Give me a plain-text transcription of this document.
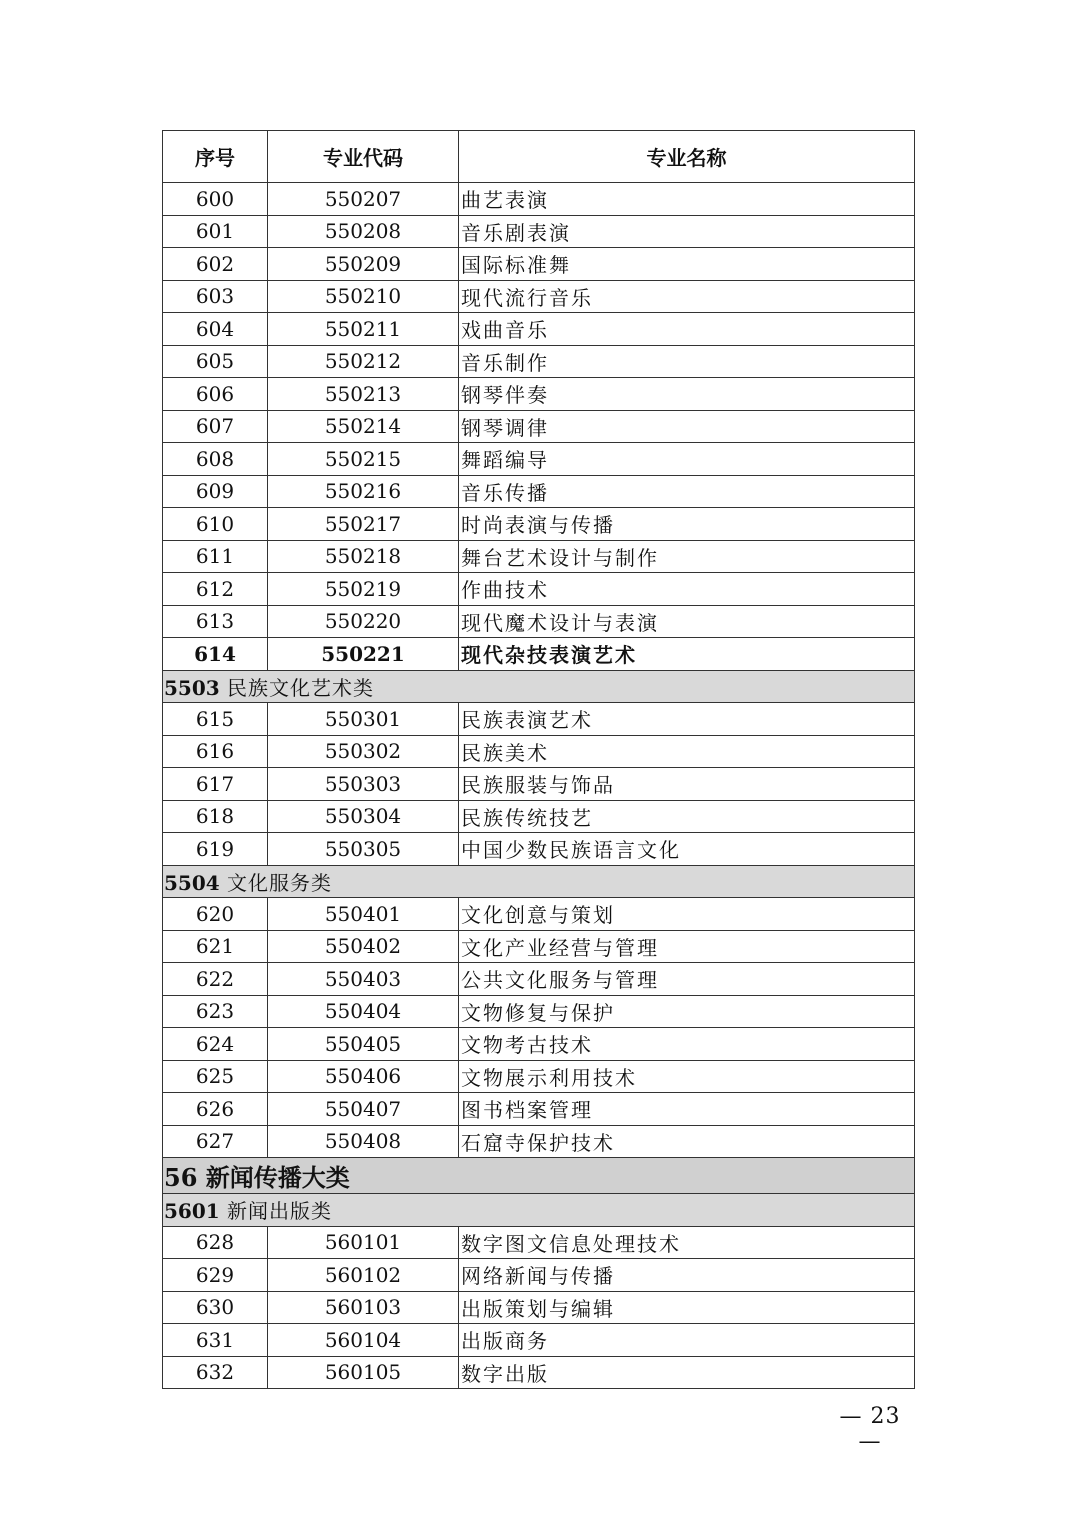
序号	专业代码	专业名称
600	550207	曲艺表演
601	550208	音乐剧表演
602	550209	国际标准舞
603	550210	现代流行音乐
604	550211	戏曲音乐
605	550212	音乐制作
606	550213	钢琴伴奏
607	550214	钢琴调律
608	550215	舞蹈编导
609	550216	音乐传播
610	550217	时尚表演与传播
611	550218	舞台艺术设计与制作
612	550219	作曲技术
613	550220	现代魔术设计与表演
614	550221	现代杂技表演艺术
5503 民族文化艺术类		
615	550301	民族表演艺术
616	550302	民族美术
617	550303	民族服装与饰品
618	550304	民族传统技艺
619	550305	中国少数民族语言文化
5504 文化服务类		
620	550401	文化创意与策划
621	550402	文化产业经营与管理
622	550403	公共文化服务与管理
623	550404	文物修复与保护
624	550405	文物考古技术
625	550406	文物展示利用技术
626	550407	图书档案管理
627	550408	石窟寺保护技术
56 新闻传播大类		
5601 新闻出版类		
628	560101	数字图文信息处理技术
629	560102	网络新闻与传播
630	560103	出版策划与编辑
631	560104	出版商务
632	560105	数字出版
— 23 —
